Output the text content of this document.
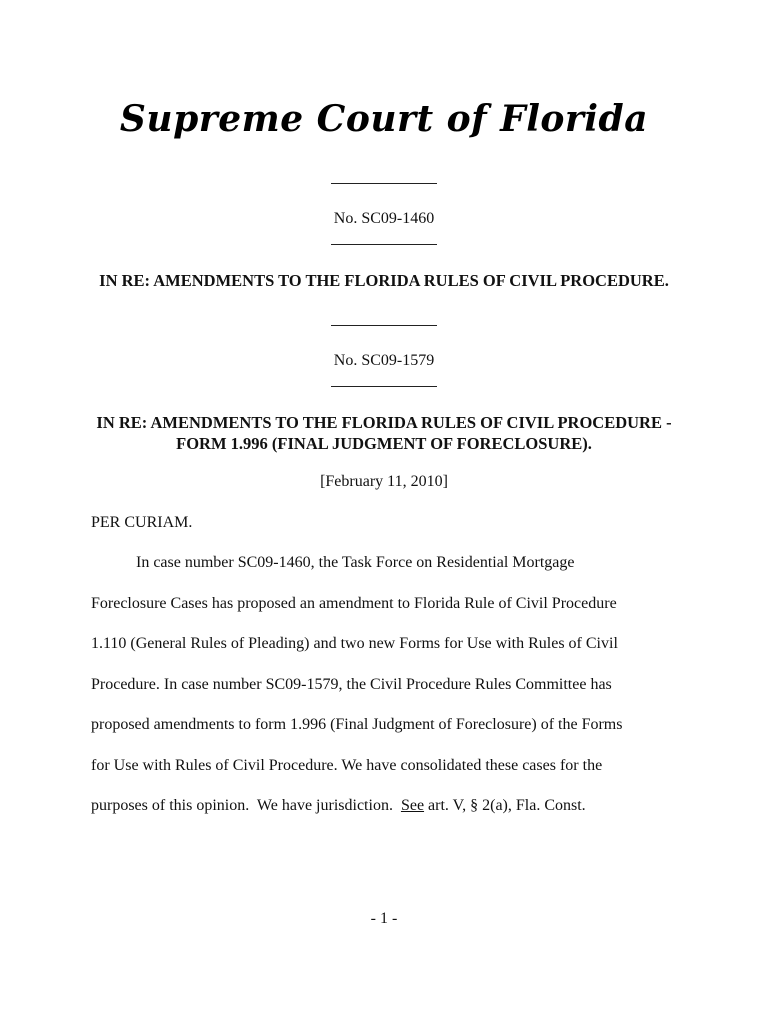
Supreme Court of Florida
No. SC09-1460
IN RE: AMENDMENTS TO THE FLORIDA RULES OF CIVIL PROCEDURE.
No. SC09-1579
IN RE: AMENDMENTS TO THE FLORIDA RULES OF CIVIL PROCEDURE - FORM 1.996 (FINAL JUDGMENT OF FORECLOSURE).
[February 11, 2010]
PER CURIAM.
In case number SC09-1460, the Task Force on Residential Mortgage
Foreclosure Cases has proposed an amendment to Florida Rule of Civil Procedure
1.110 (General Rules of Pleading) and two new Forms for Use with Rules of Civil
Procedure. In case number SC09-1579, the Civil Procedure Rules Committee has
proposed amendments to form 1.996 (Final Judgment of Foreclosure) of the Forms
for Use with Rules of Civil Procedure. We have consolidated these cases for the
purposes of this opinion.  We have jurisdiction.  See art. V, § 2(a), Fla. Const.
- 1 -
